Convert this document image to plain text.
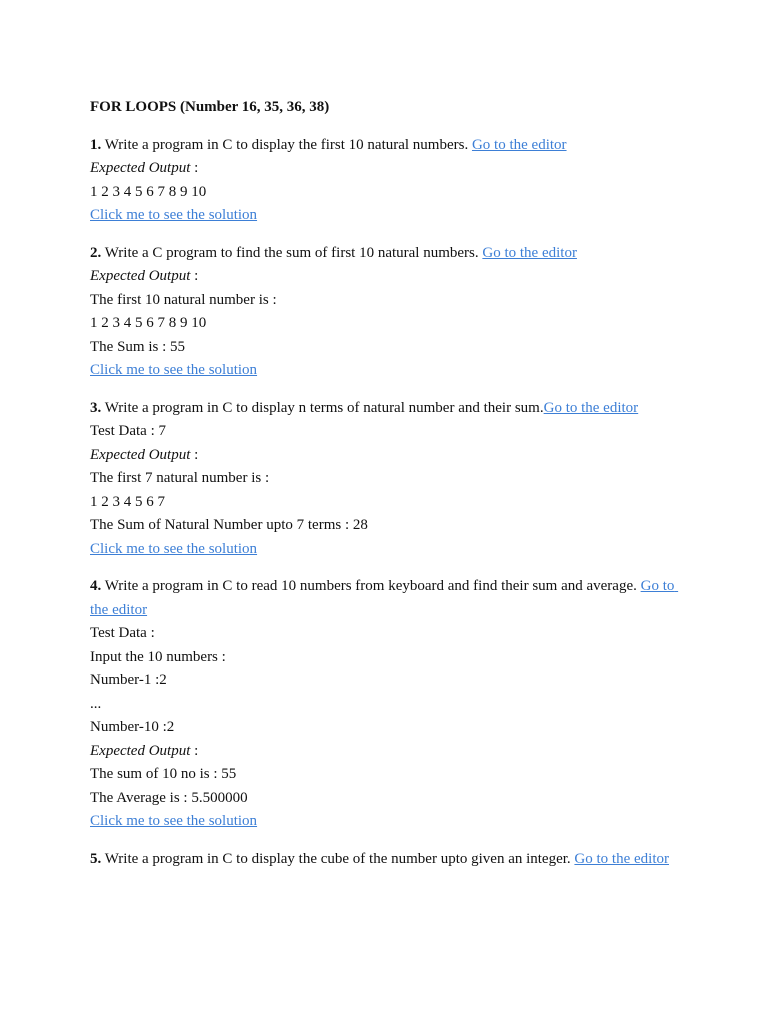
FOR LOOPS (Number 16, 35, 36, 38)
1. Write a program in C to display the first 10 natural numbers. Go to the editor
Expected Output :
1 2 3 4 5 6 7 8 9 10
Click me to see the solution
2. Write a C program to find the sum of first 10 natural numbers. Go to the editor
Expected Output :
The first 10 natural number is :
1 2 3 4 5 6 7 8 9 10
The Sum is : 55
Click me to see the solution
3. Write a program in C to display n terms of natural number and their sum.Go to the editor
Test Data : 7
Expected Output :
The first 7 natural number is :
1 2 3 4 5 6 7
The Sum of Natural Number upto 7 terms : 28
Click me to see the solution
4. Write a program in C to read 10 numbers from keyboard and find their sum and average. Go to the editor
Test Data :
Input the 10 numbers :
Number-1 :2
...
Number-10 :2
Expected Output :
The sum of 10 no is : 55
The Average is : 5.500000
Click me to see the solution
5. Write a program in C to display the cube of the number upto given an integer. Go to the editor
